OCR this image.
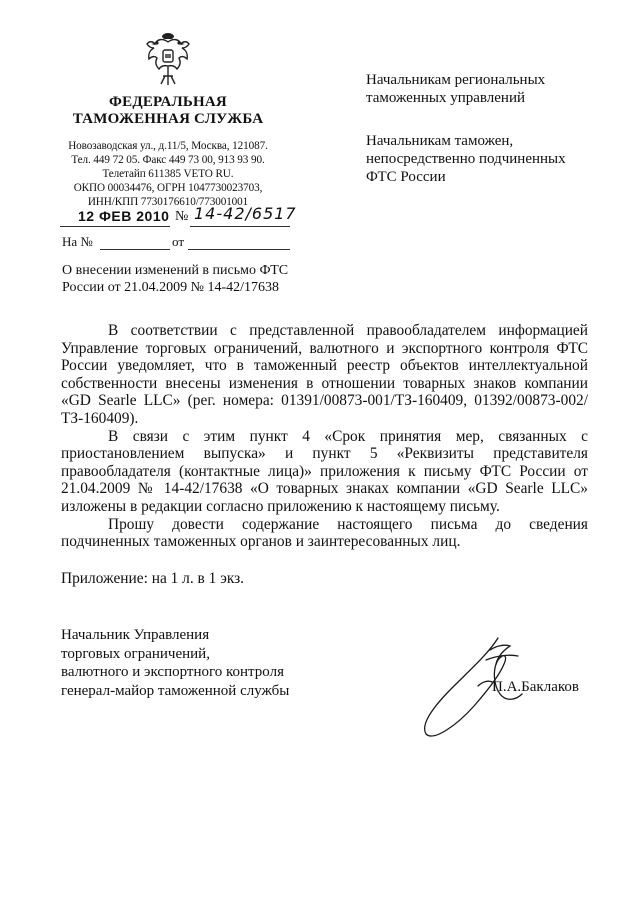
ФЕДЕРАЛЬНАЯ
ТАМОЖЕННАЯ СЛУЖБА
Новозаводская ул., д.11/5, Москва, 121087.
Тел. 449 72 05. Факс 449 73 00, 913 93 90.
Телетайп 611385 VETO RU.
ОКПО 00034476, ОГРН 1047730023703,
ИНН/КПП 7730176610/773001001
12 ФЕВ 2010 № 14-42/6517
На №	от
О внесении изменений в письмо ФТС
России от 21.04.2009 № 14-42/17638
Начальникам региональных
таможенных управлений
Начальникам таможен,
непосредственно подчиненных
ФТС России

В соответствии с представленной правообладателем информацией Управление торговых ограничений, валютного и экспортного контроля ФТС России уведомляет, что в таможенный реестр объектов интеллектуальной собственности внесены изменения в отношении товарных знаков компании «GD Searle LLC» (рег. номера: 01391/00873-001/ТЗ-160409, 01392/00873-002/ТЗ-160409).

В связи с этим пункт 4 «Срок принятия мер, связанных с приостановлением выпуска» и пункт 5 «Реквизиты представителя правообладателя (контактные лица)» приложения к письму ФТС России от 21.04.2009 № 14-42/17638 «О товарных знаках компании «GD Searle LLC» изложены в редакции согласно приложению к настоящему письму.

Прошу довести содержание настоящего письма до сведения подчиненных таможенных органов и заинтересованных лиц.

Приложение: на 1 л. в 1 экз.
Начальник Управления
торговых ограничений,
валютного и экспортного контроля
генерал-майор таможенной службы	П.А.Баклаков
